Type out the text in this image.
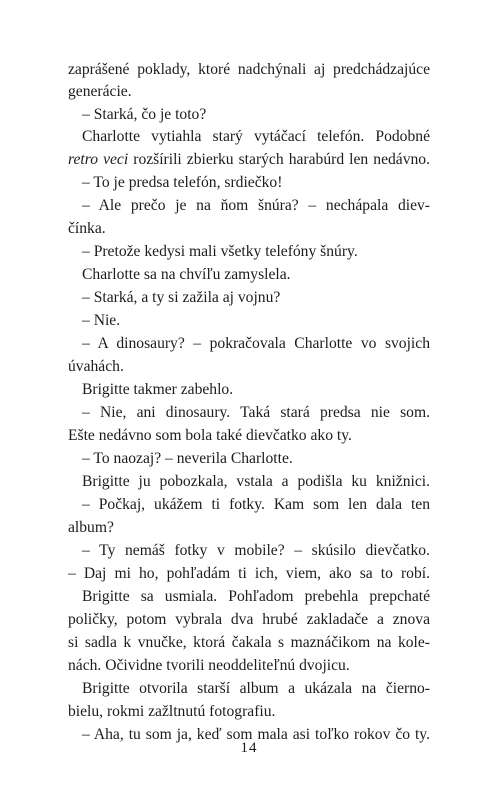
zaprášené poklady, ktoré nadchýnali aj predchádzajúce
generácie.
– Starká, čo je toto?
Charlotte vytiahla starý vytáčací telefón. Podobné
retro veci rozšírili zbierku starých harabúrd len nedávno.
– To je predsa telefón, srdiečko!
– Ale prečo je na ňom šnúra? – nechápala diev-
čínka.
– Pretože kedysi mali všetky telefóny šnúry.
Charlotte sa na chvíľu zamyslela.
– Starká, a ty si zažila aj vojnu?
– Nie.
– A dinosaury? – pokračovala Charlotte vo svojich
úvahách.
Brigitte takmer zabehlo.
– Nie, ani dinosaury. Taká stará predsa nie som.
Ešte nedávno som bola také dievčatko ako ty.
– To naozaj? – neverila Charlotte.
Brigitte ju pobozkala, vstala a podišla ku knižnici.
– Počkaj, ukážem ti fotky. Kam som len dala ten
album?
– Ty nemáš fotky v mobile? – skúsilo dievčatko.
– Daj mi ho, pohľadám ti ich, viem, ako sa to robí.
Brigitte sa usmiala. Pohľadom prebehla prepchaté
poličky, potom vybrala dva hrubé zakladače a znova
si sadla k vnučke, ktorá čakala s maznáčikom na kole-
nách. Očividne tvorili neoddeliteľnú dvojicu.
Brigitte otvorila starší album a ukázala na čierno-
bielu, rokmi zažltnutú fotografiu.
– Aha, tu som ja, keď som mala asi toľko rokov čo ty.
14
